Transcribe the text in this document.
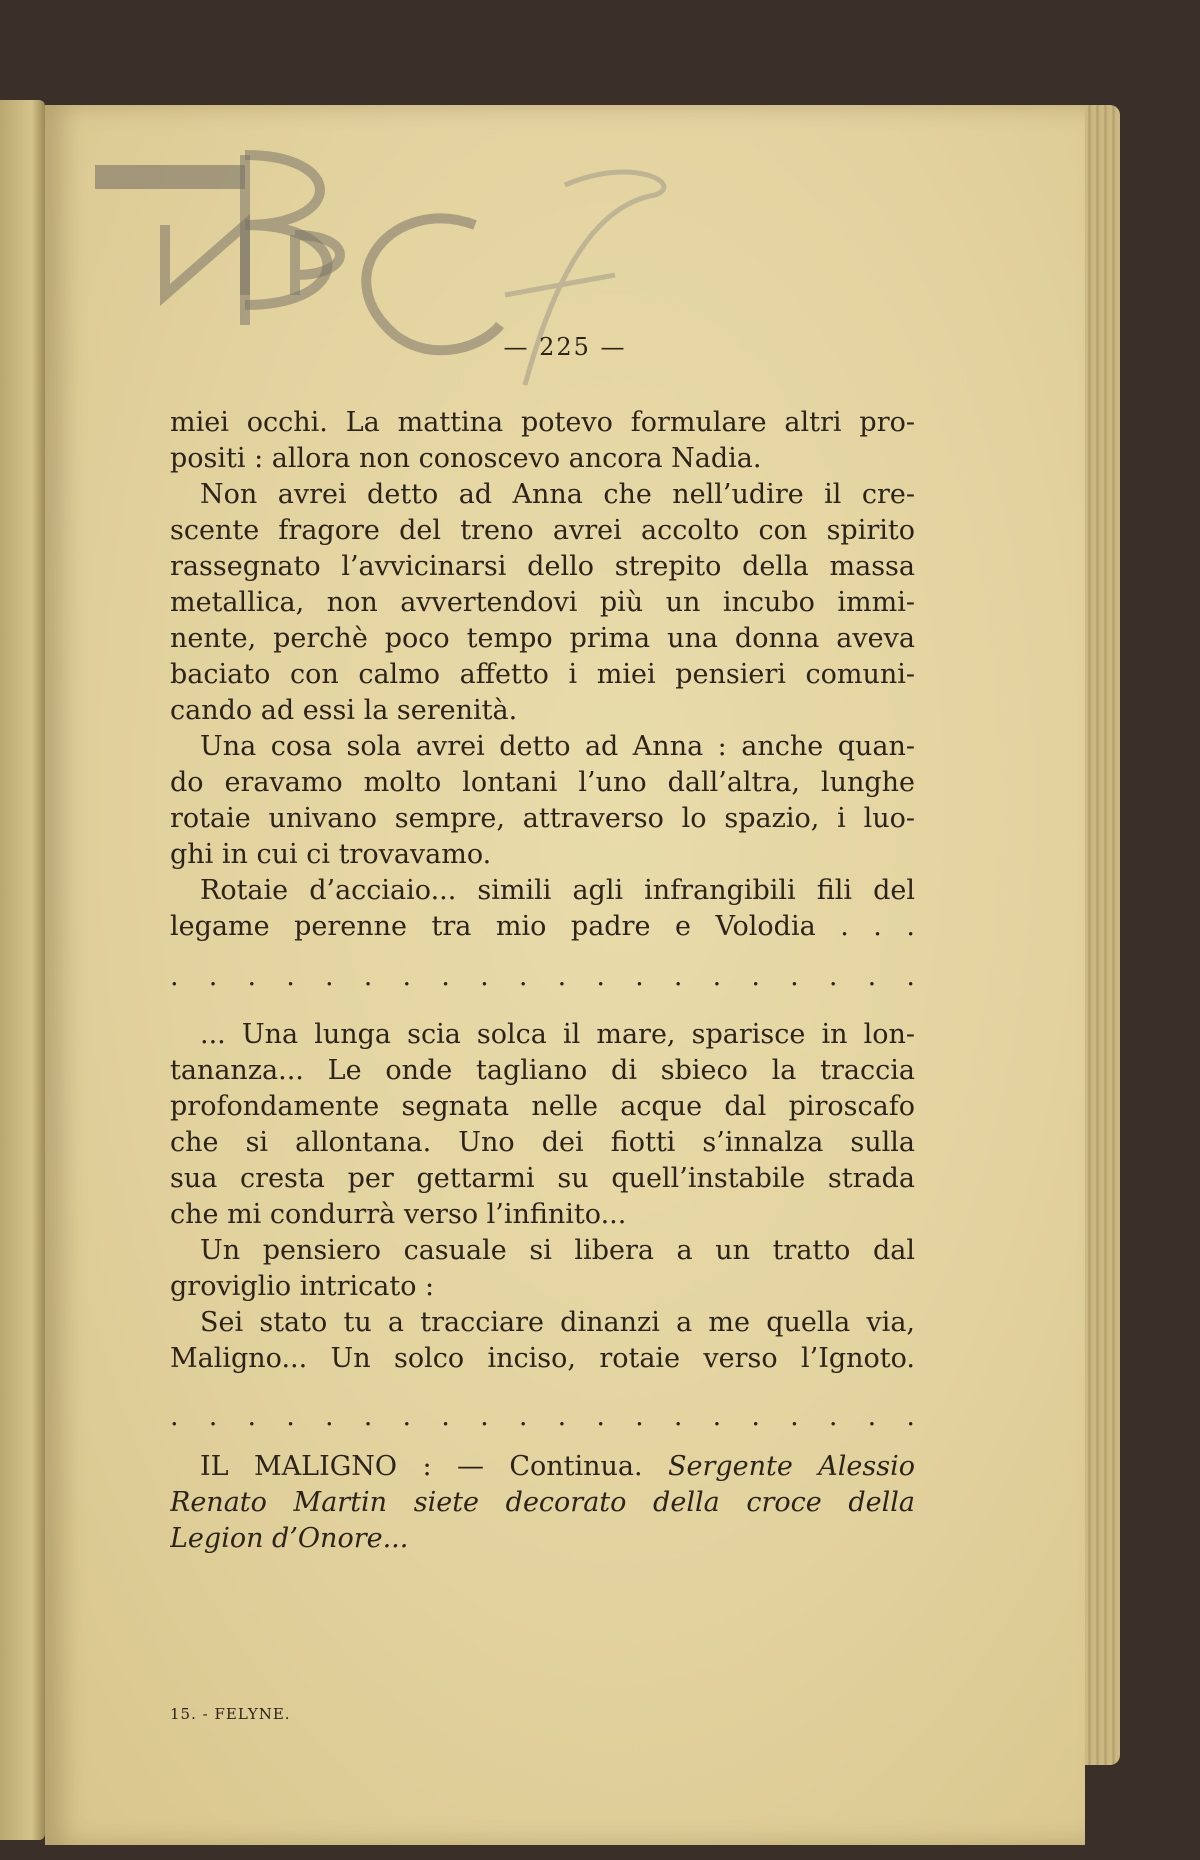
— 225 —
miei occhi. La mattina potevo formulare altri pro-
positi : allora non conoscevo ancora Nadia.
Non avrei detto ad Anna che nell’udire il cre-
scente fragore del treno avrei accolto con spirito
rassegnato l’avvicinarsi dello strepito della massa
metallica, non avvertendovi più un incubo immi-
nente, perchè poco tempo prima una donna aveva
baciato con calmo affetto i miei pensieri comuni-
cando ad essi la serenità.
Una cosa sola avrei detto ad Anna : anche quan-
do eravamo molto lontani l’uno dall’altra, lunghe
rotaie univano sempre, attraverso lo spazio, i luo-
ghi in cui ci trovavamo.
Rotaie d’acciaio... simili agli infrangibili fili del
legame perenne tra mio padre e Volodia . . .
. . . . . . . . . . . . . . . . . . . .
... Una lunga scia solca il mare, sparisce in lon-
tananza... Le onde tagliano di sbieco la traccia
profondamente segnata nelle acque dal piroscafo
che si allontana. Uno dei fiotti s’innalza sulla
sua cresta per gettarmi su quell’instabile strada
che mi condurrà verso l’infinito...
Un pensiero casuale si libera a un tratto dal
groviglio intricato :
Sei stato tu a tracciare dinanzi a me quella via,
Maligno... Un solco inciso, rotaie verso l’Ignoto.
. . . . . . . . . . . . . . . . . . . .
IL MALIGNO : — Continua. Sergente Alessio
Renato Martin siete decorato della croce della
Legion d’Onore...
15. - FELYNE.
